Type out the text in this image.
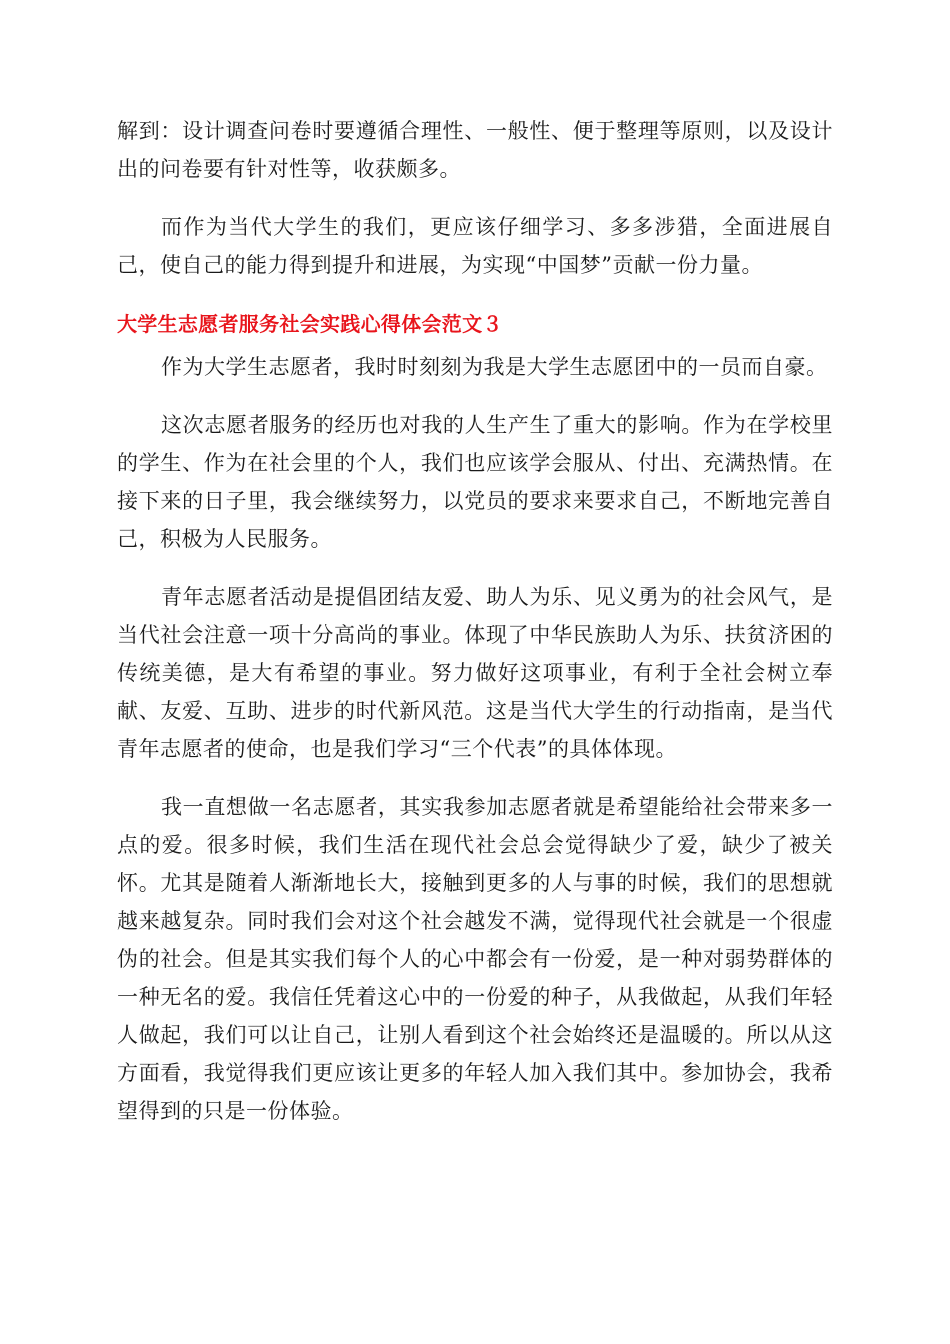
解到：设计调查问卷时要遵循合理性、一般性、便于整理等原则，以及设计出的问卷要有针对性等，收获颇多。

而作为当代大学生的我们，更应该仔细学习、多多涉猎，全面进展自己，使自己的能力得到提升和进展，为实现“中国梦”贡献一份力量。

大学生志愿者服务社会实践心得体会范文３

作为大学生志愿者，我时时刻刻为我是大学生志愿团中的一员而自豪。

这次志愿者服务的经历也对我的人生产生了重大的影响。作为在学校里的学生、作为在社会里的个人，我们也应该学会服从、付出、充满热情。在接下来的日子里，我会继续努力，以党员的要求来要求自己，不断地完善自己，积极为人民服务。

青年志愿者活动是提倡团结友爱、助人为乐、见义勇为的社会风气，是当代社会注意一项十分高尚的事业。体现了中华民族助人为乐、扶贫济困的传统美德，是大有希望的事业。努力做好这项事业，有利于全社会树立奉献、友爱、互助、进步的时代新风范。这是当代大学生的行动指南，是当代青年志愿者的使命，也是我们学习“三个代表”的具体体现。

我一直想做一名志愿者，其实我参加志愿者就是希望能给社会带来多一点的爱。很多时候，我们生活在现代社会总会觉得缺少了爱，缺少了被关怀。尤其是随着人渐渐地长大，接触到更多的人与事的时候，我们的思想就越来越复杂。同时我们会对这个社会越发不满，觉得现代社会就是一个很虚伪的社会。但是其实我们每个人的心中都会有一份爱，是一种对弱势群体的一种无名的爱。我信任凭着这心中的一份爱的种子，从我做起，从我们年轻人做起，我们可以让自己，让别人看到这个社会始终还是温暖的。所以从这方面看，我觉得我们更应该让更多的年轻人加入我们其中。参加协会，我希望得到的只是一份体验。
